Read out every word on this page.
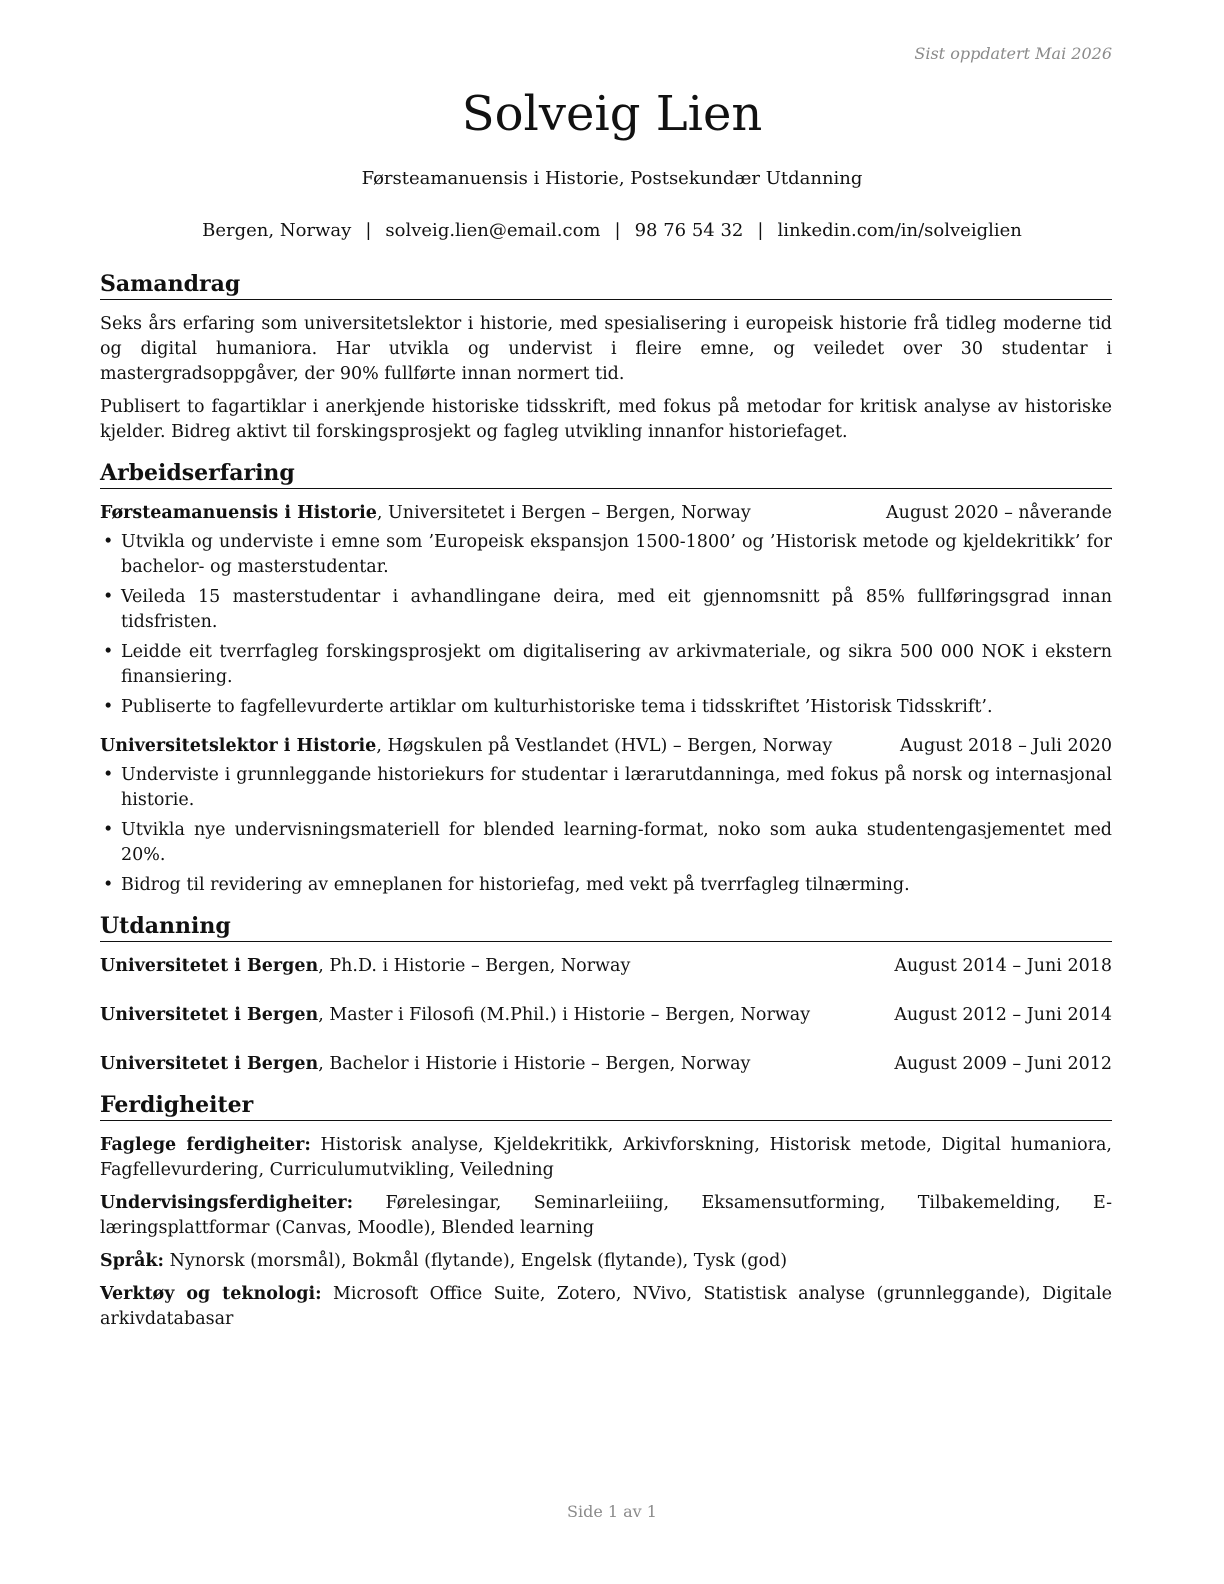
Sist oppdatert Mai 2026
Solveig Lien
Førsteamanuensis i Historie, Postsekundær Utdanning
Bergen, Norway | solveig.lien@email.com | 98 76 54 32 | linkedin.com/in/solveiglien
Samandrag

Seks års erfaring som universitetslektor i historie, med spesialisering i europeisk historie frå tidleg moderne tid og digital humaniora. Har utvikla og undervist i fleire emne, og veiledet over 30 studentar i mastergradsoppgåver, der 90% fullførte innan normert tid.

Publisert to fagartiklar i anerkjende historiske tidsskrift, med fokus på metodar for kritisk analyse av historiske kjelder. Bidreg aktivt til forskingsprosjekt og fagleg utvikling innanfor historiefaget.

Arbeidserfaring
Førsteamanuensis i Historie, Universitetet i Bergen – Bergen, Norway	August 2020 – nåverande
• Utvikla og underviste i emne som ’Europeisk ekspansjon 1500-1800’ og ’Historisk metode og kjeldekritikk’ for bachelor- og masterstudentar.
• Veileda 15 masterstudentar i avhandlingane deira, med eit gjennomsnitt på 85% fullføringsgrad innan tidsfristen.
• Leidde eit tverrfagleg forskingsprosjekt om digitalisering av arkivmateriale, og sikra 500 000 NOK i ekstern finansiering.
• Publiserte to fagfellevurderte artiklar om kulturhistoriske tema i tidsskriftet ’Historisk Tidsskrift’.
Universitetslektor i Historie, Høgskulen på Vestlandet (HVL) – Bergen, Norway	August 2018 – Juli 2020
• Underviste i grunnleggande historiekurs for studentar i lærarutdanninga, med fokus på norsk og internasjonal historie.
• Utvikla nye undervisningsmateriell for blended learning-format, noko som auka studentengasjementet med 20%.
• Bidrog til revidering av emneplanen for historiefag, med vekt på tverrfagleg tilnærming.
Utdanning
Universitetet i Bergen, Ph.D. i Historie – Bergen, Norway	August 2014 – Juni 2018
Universitetet i Bergen, Master i Filosofi (M.Phil.) i Historie – Bergen, Norway	August 2012 – Juni 2014
Universitetet i Bergen, Bachelor i Historie i Historie – Bergen, Norway	August 2009 – Juni 2012
Ferdigheiter
Faglege ferdigheiter: Historisk analyse, Kjeldekritikk, Arkivforskning, Historisk metode, Digital humaniora, Fagfellevurdering, Curriculumutvikling, Veiledning
Undervisingsferdigheiter: Førelesingar, Seminarleiiing, Eksamensutforming, Tilbakemelding, E-læringsplattformar (Canvas, Moodle), Blended learning
Språk: Nynorsk (morsmål), Bokmål (flytande), Engelsk (flytande), Tysk (god)
Verktøy og teknologi: Microsoft Office Suite, Zotero, NVivo, Statistisk analyse (grunnleggande), Digitale arkivdatabasar
Side 1 av 1
